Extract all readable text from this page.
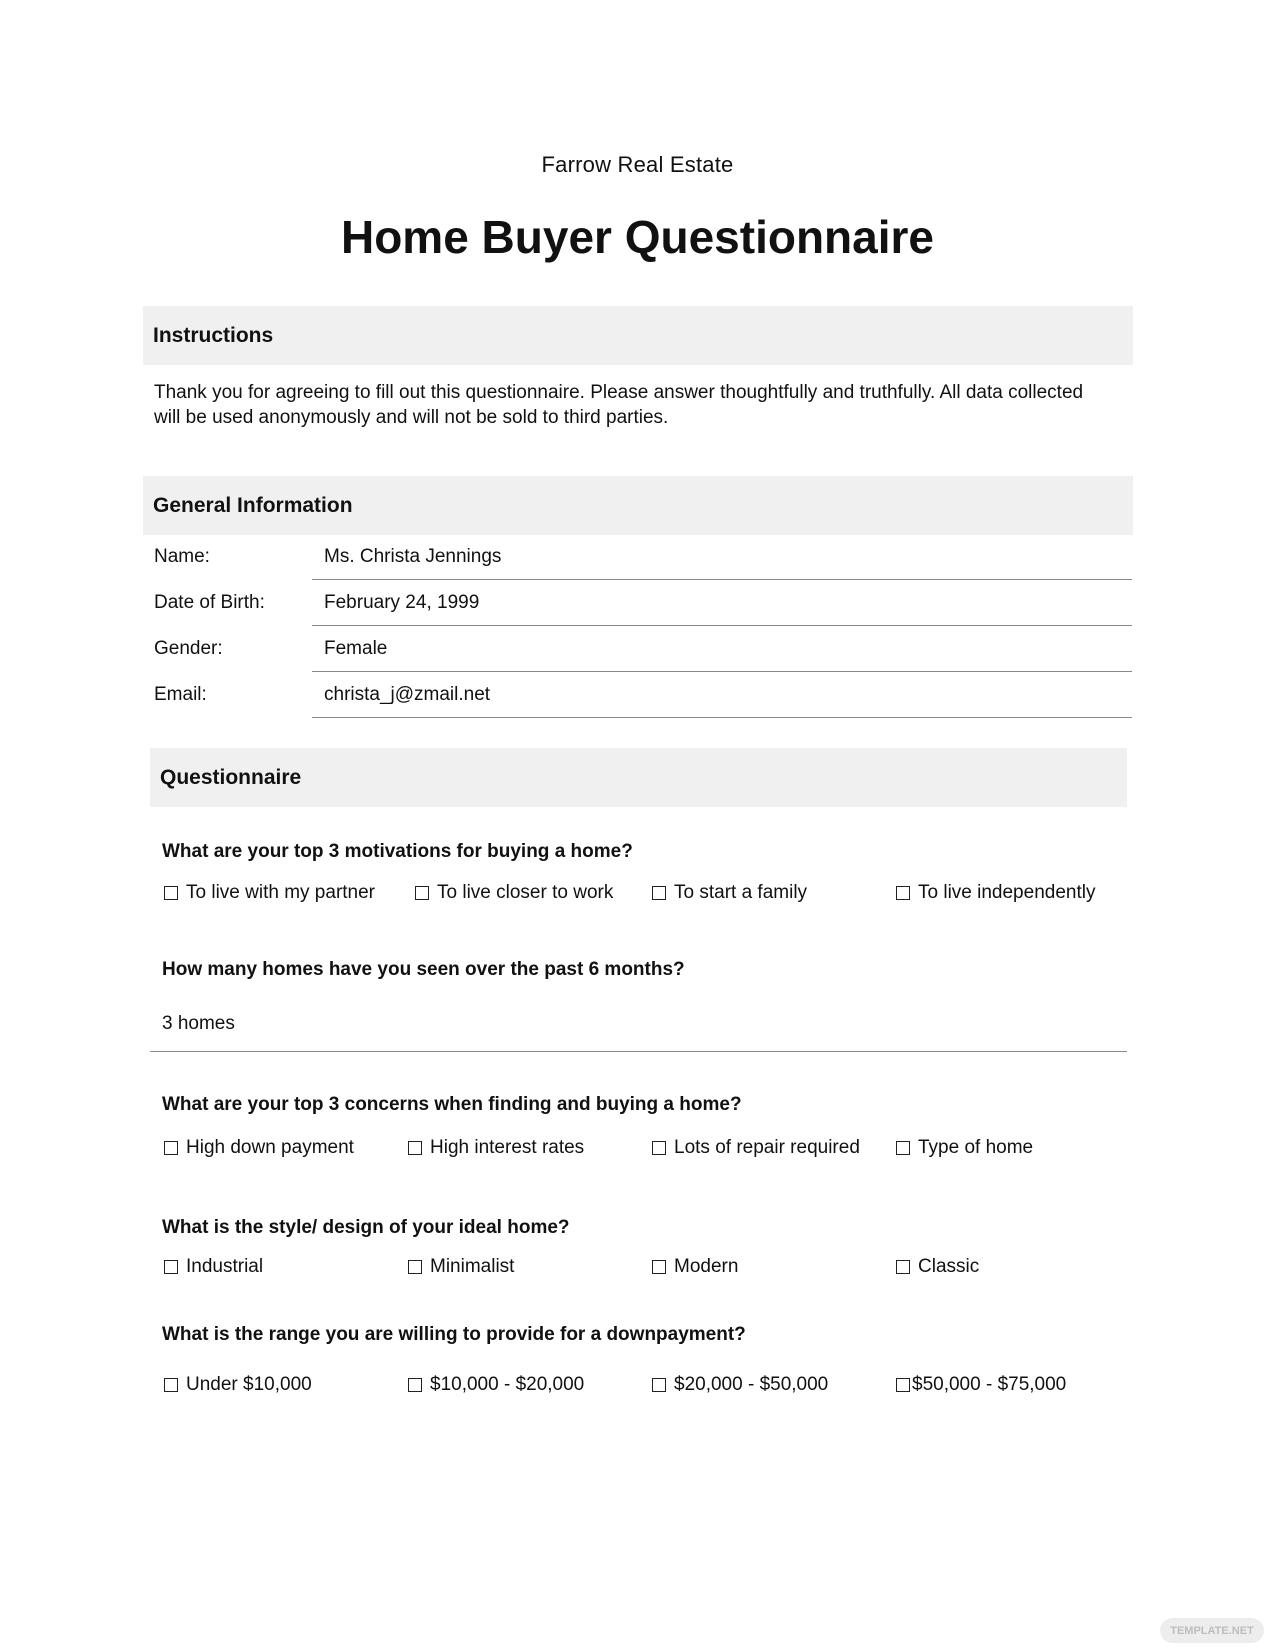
Farrow Real Estate
Home Buyer Questionnaire
Instructions
Thank you for agreeing to fill out this questionnaire. Please answer thoughtfully and truthfully. All data collected will be used anonymously and will not be sold to third parties.
General Information
Name:	Ms. Christa Jennings
Date of Birth:	February 24, 1999
Gender:	Female
Email:	christa_j@zmail.net
Questionnaire
What are your top 3 motivations for buying a home?
To live with my partner	To live closer to work	To start a family	To live independently
How many homes have you seen over the past 6 months?
3 homes
What are your top 3 concerns when finding and buying a home?
High down payment	High interest rates	Lots of repair required	Type of home
What is the style/ design of your ideal home?
Industrial	Minimalist	Modern	Classic
What is the range you are willing to provide for a downpayment?
Under $10,000	$10,000 - $20,000	$20,000 - $50,000	$50,000 - $75,000
TEMPLATE.NET
